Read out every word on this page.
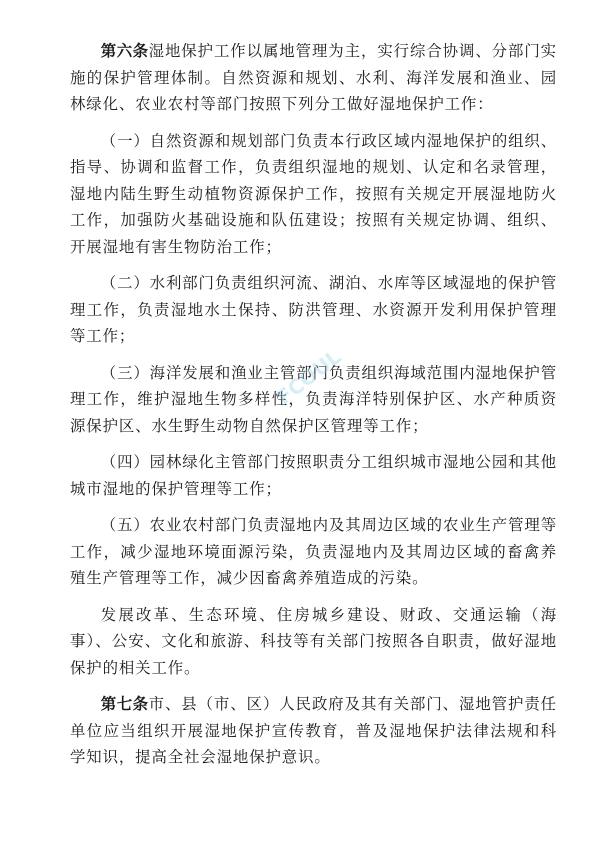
第六条湿地保护工作以属地管理为主，实行综合协调、分部门实施的保护管理体制。自然资源和规划、水利、海洋发展和渔业、园林绿化、农业农村等部门按照下列分工做好湿地保护工作：

（一）自然资源和规划部门负责本行政区域内湿地保护的组织、指导、协调和监督工作，负责组织湿地的规划、认定和名录管理，湿地内陆生野生动植物资源保护工作，按照有关规定开展湿地防火工作，加强防火基础设施和队伍建设；按照有关规定协调、组织、开展湿地有害生物防治工作；

（二）水利部门负责组织河流、湖泊、水库等区域湿地的保护管理工作，负责湿地水土保持、防洪管理、水资源开发利用保护管理等工作；

（三）海洋发展和渔业主管部门负责组织海域范围内湿地保护管理工作，维护湿地生物多样性，负责海洋特别保护区、水产种质资源保护区、水生野生动物自然保护区管理等工作；

（四）园林绿化主管部门按照职责分工组织城市湿地公园和其他城市湿地的保护管理等工作；

（五）农业农村部门负责湿地内及其周边区域的农业生产管理等工作，减少湿地环境面源污染，负责湿地内及其周边区域的畜禽养殖生产管理等工作，减少因畜禽养殖造成的污染。

发展改革、生态环境、住房城乡建设、财政、交通运输（海事）、公安、文化和旅游、科技等有关部门按照各自职责，做好湿地保护的相关工作。

第七条市、县（市、区）人民政府及其有关部门、湿地管护责任单位应当组织开展湿地保护宣传教育，普及湿地保护法律法规和科学知识，提高全社会湿地保护意识。

FCOUL
